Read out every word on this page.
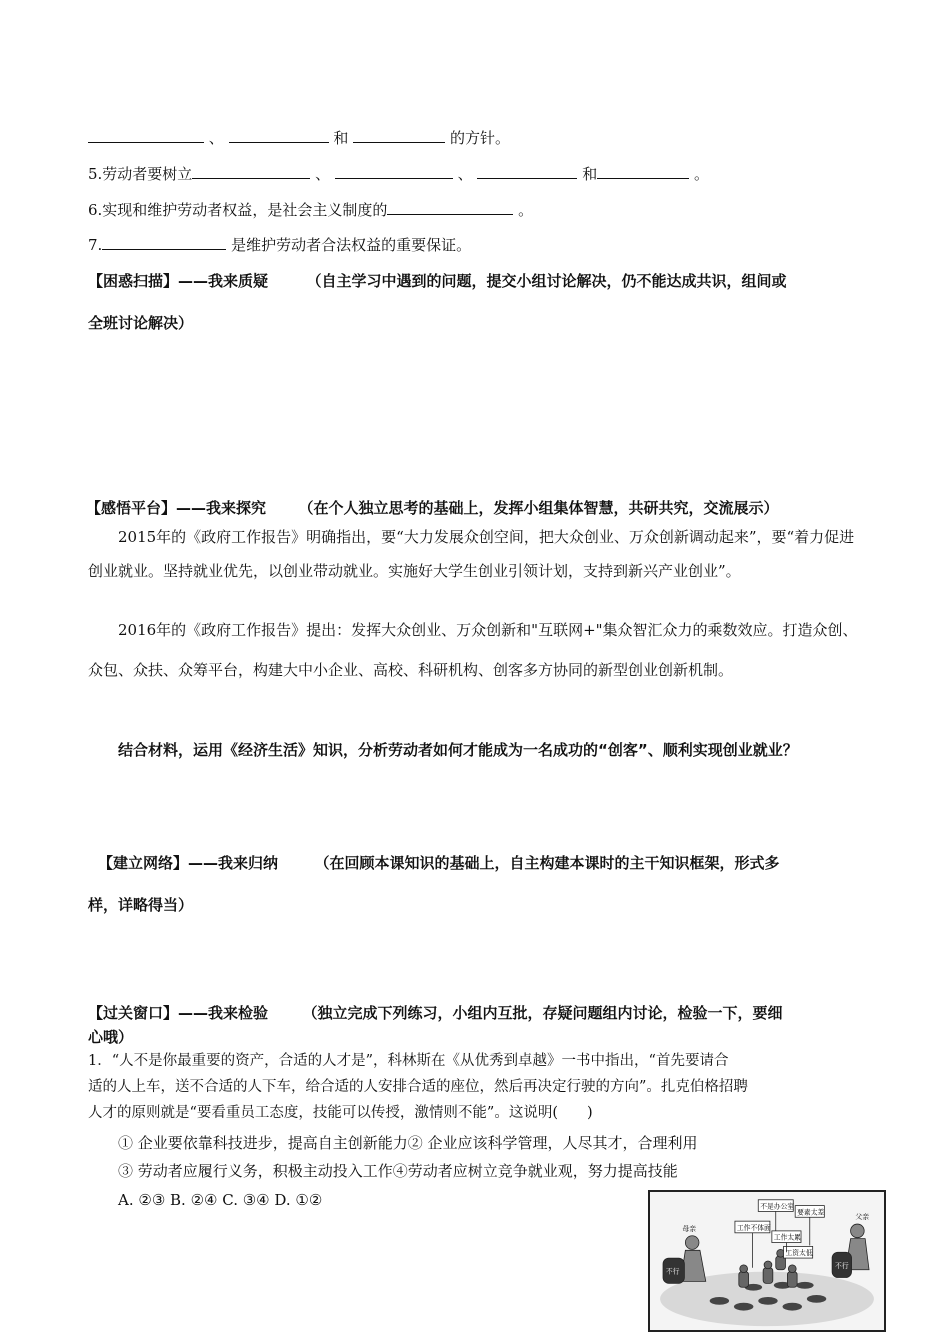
、	和	的方针。
5.劳动者要树立	、	、	和	。
6.实现和维护劳动者权益，是社会主义制度的	。
7.	是维护劳动者合法权益的重要保证。
【困惑扫描】——我来质疑	（自主学习中遇到的问题，提交小组讨论解决，仍不能达成共识，组间或
全班讨论解决）
【感悟平台】——我来探究 （在个人独立思考的基础上，发挥小组集体智慧，共研共究，交流展示）
2015年的《政府工作报告》明确指出，要“大力发展众创空间，把大众创业、万众创新调动起来”，要“着力促进创业就业。坚持就业优先，以创业带动就业。实施好大学生创业引领计划，支持到新兴产业创业”。
2016年的《政府工作报告》提出：发挥大众创业、万众创新和"互联网+"集众智汇众力的乘数效应。打造众创、众包、众扶、众筹平台，构建大中小企业、高校、科研机构、创客多方协同的新型创业创新机制。
结合材料，运用《经济生活》知识，分析劳动者如何才能成为一名成功的“创客”、顺利实现创业就业？
【建立网络】——我来归纳 （在回顾本课知识的基础上，自主构建本课时的主干知识框架，形式多
样，详略得当）
【过关窗口】——我来检验 （独立完成下列练习，小组内互批，存疑问题组内讨论，检验一下，要细
心哦）
1．“人不是你最重要的资产，合适的人才是”，科林斯在《从优秀到卓越》一书中指出，“首先要请合
适的人上车，送不合适的人下车，给合适的人安排合适的座位，然后再决定行驶的方向”。扎克伯格招聘
人才的原则就是“要看重员工态度，技能可以传授，激情则不能”。这说明(　　)
① 企业要依靠科技进步，提高自主创新能力② 企业应该科学管理，人尽其才，合理利用
③ 劳动者应履行义务，积极主动投入工作④劳动者应树立竞争就业观，努力提高技能
A. ②③ B. ②④ C. ③④ D. ①②
母亲
不是办公室
要素太差
工作不体面
工作太累
工资太低
父亲
不行
不行
